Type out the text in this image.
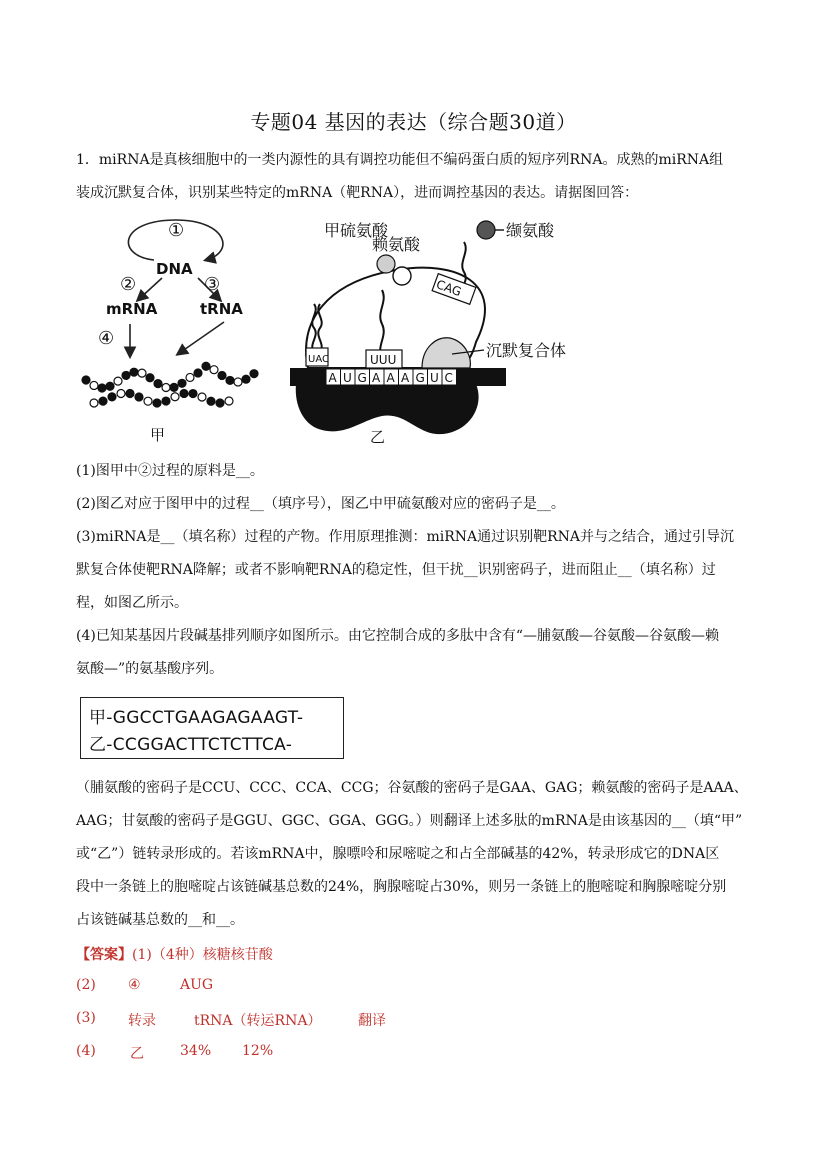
专题04 基因的表达（综合题30道）
1．miRNA是真核细胞中的一类内源性的具有调控功能但不编码蛋白质的短序列RNA。成熟的miRNA组
装成沉默复合体，识别某些特定的mRNA（靶RNA），进而调控基因的表达。请据图回答：
①
DNA
②	③
mRNA	tRNA
④
甲
A U G A A A G U C
UAC	UUU
CAG
甲硫氨酸
赖氨酸
缬氨酸
沉默复合体
乙
(1)图甲中②过程的原料是__。
(2)图乙对应于图甲中的过程__（填序号），图乙中甲硫氨酸对应的密码子是__。
(3)miRNA是__（填名称）过程的产物。作用原理推测：miRNA通过识别靶RNA并与之结合，通过引导沉
默复合体使靶RNA降解；或者不影响靶RNA的稳定性，但干扰__识别密码子，进而阻止__（填名称）过
程，如图乙所示。
(4)已知某基因片段碱基排列顺序如图所示。由它控制合成的多肽中含有“—脯氨酸—谷氨酸—谷氨酸—赖
氨酸—”的氨基酸序列。
甲-GGCCTGAAGAGAAGT-
乙-CCGGACTTCTCTTCA-
（脯氨酸的密码子是CCU、CCC、CCA、CCG；谷氨酸的密码子是GAA、GAG；赖氨酸的密码子是AAA、
AAG；甘氨酸的密码子是GGU、GGC、GGA、GGG。）则翻译上述多肽的mRNA是由该基因的__（填“甲”
或“乙”）链转录形成的。若该mRNA中，腺嘌呤和尿嘧啶之和占全部碱基的42%，转录形成它的DNA区
段中一条链上的胞嘧啶占该链碱基总数的24%，胸腺嘧啶占30%，则另一条链上的胞嘧啶和胸腺嘧啶分别
占该链碱基总数的__和__。
【答案】(1)（4种）核糖核苷酸
(2) ④	AUG
(3) 转录	tRNA（转运RNA）	翻译
(4) 乙	34% 12%
